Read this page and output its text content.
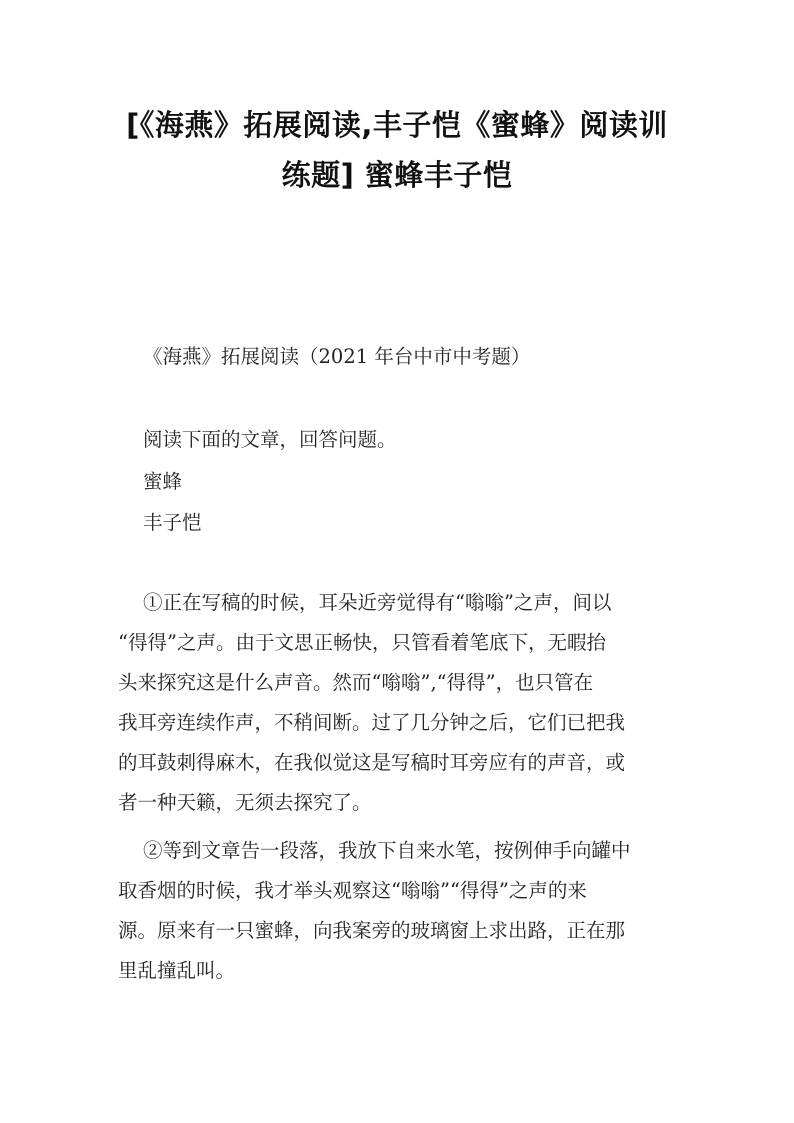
[《海燕》拓展阅读,丰子恺《蜜蜂》阅读训
练题] 蜜蜂丰子恺
《海燕》拓展阅读（2021 年台中市中考题）
阅读下面的文章，回答问题。
蜜蜂
丰子恺

①正在写稿的时候，耳朵近旁觉得有“嗡嗡”之声，间以
“得得”之声。由于文思正畅快，只管看着笔底下，无暇抬
头来探究这是什么声音。然而“嗡嗡”,“得得”，也只管在
我耳旁连续作声，不稍间断。过了几分钟之后，它们已把我
的耳鼓刺得麻木，在我似觉这是写稿时耳旁应有的声音，或
者一种天籁，无须去探究了。

②等到文章告一段落，我放下自来水笔，按例伸手向罐中
取香烟的时候，我才举头观察这“嗡嗡”“得得”之声的来
源。原来有一只蜜蜂，向我案旁的玻璃窗上求出路，正在那
里乱撞乱叫。
